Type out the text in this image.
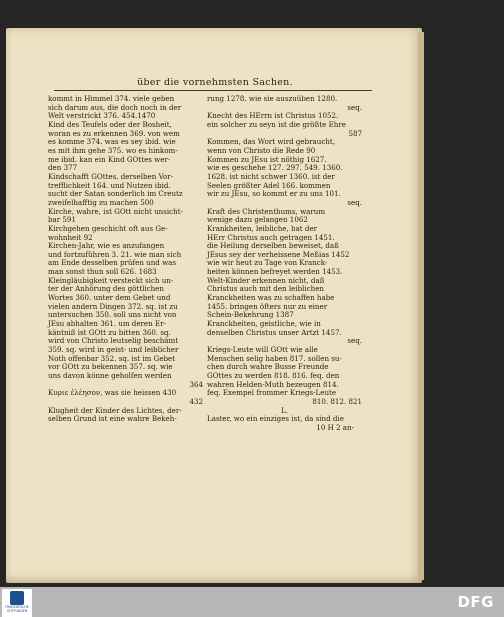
über die vornehmsten Sachen.
kommt in Himmel 374. viele geben
sich darum aus, die doch noch in der
Welt verstrickt 376. 454.1470
Kind des Teufels oder der Bosheit,
woran es zu erkennen 369. von wem
es komme 374. was es sey ibid. wie
es mit ihm gehe 375. wo es hinkom-
me ibid. kan ein Kind GOttes wer-
den 377
Kindschafft GOttes, derselben Vor-
trefflichkeit 164. und Nutzen ibid.
sucht der Satan sonderlich im Creutz
zweifelhafftig zu machen 500
Kirche, wahre, ist GOtt nicht unsicht-
bar 591
Kirchgehen geschicht oft aus Ge-
wohnheit 92
Kirchen-Jahr, wie es anzufangen
und fortzuführen 3. 21. wie man sich
am Ende desselben prüfen und was
man sonst thun soll 626. 1683
Kleingläubigkeit versteckt sich un-
ter der Anhörung des göttlichen
Wortes 360. unter dem Gebet und
vielen andern Dingen 372. sq. ist zu
untersuchen 350. soll uns nicht von
JEsu abhalten 361. um deren Er-
käntniß ist GOtt zu bitten 360. sq.
wird von Christo leutselig beschämt
359. sq. wird in geist- und leiblicher
Noth offenbar 352. sq. ist im Gebet
vor GOtt zu bekennen 357. sq. wie
uns davon könne geholfen werden
364
Κυριε ἐλέησον, was sie heissen 430
432
Klugheit der Kinder des Lichtes, der-
selben Grund ist eine wahre Bekeh-
rung 1278. wie sie auszuüben 1280.
seq.
Knecht des HErrn ist Christus 1052.
ein solcher zu seyn ist die größte Ehre
587
Kommen, das Wort wird gebraucht,
wenn von Christo die Rede 90
Kommen zu JEsu ist nöthig 1627.
wie es geschehe 127. 297. 549. 1360.
1628. ist nicht schwer 1360. ist der
Seelen größter Adel 166. kommen
wir zu JEsu, so kommt er zu uns 101.
seq.
Kraft des Christenthums, warum
wenige dazu gelangen 1062
Krankheiten, leibliche, hat der
HErr Christus auch getragen 1451.
die Heilung derselben beweiset, daß
JEsus sey der verheissene Meßias 1452
wie wir heut zu Tage von Kranck-
heiten können befreyet werden 1453.
Welt-Kinder erkennen nicht, daß
Christus auch mit den leiblichen
Kranckheiten was zu schaffen habe
1455. bringen öfters nur zu einer
Schein-Bekehrung 1387
Kranckheiten, geistliche, wie in
denselben Christus unser Artzt 1457.
seq.
Kriegs-Leute will GOtt wie alle
Menschen selig haben 817. sollen su-
chen durch wahre Busse Freunde
GOttes zu werden 818. 816. feq. den
wahren Helden-Muth bezeugen 814.
feq. Exempel frommer Kriegs-Leute
810. 812. 821
L.
Laster, wo ein einziges ist, da sind die
10 H 2 an-
FRANCKESCHE STIFTUNGEN	DFG
